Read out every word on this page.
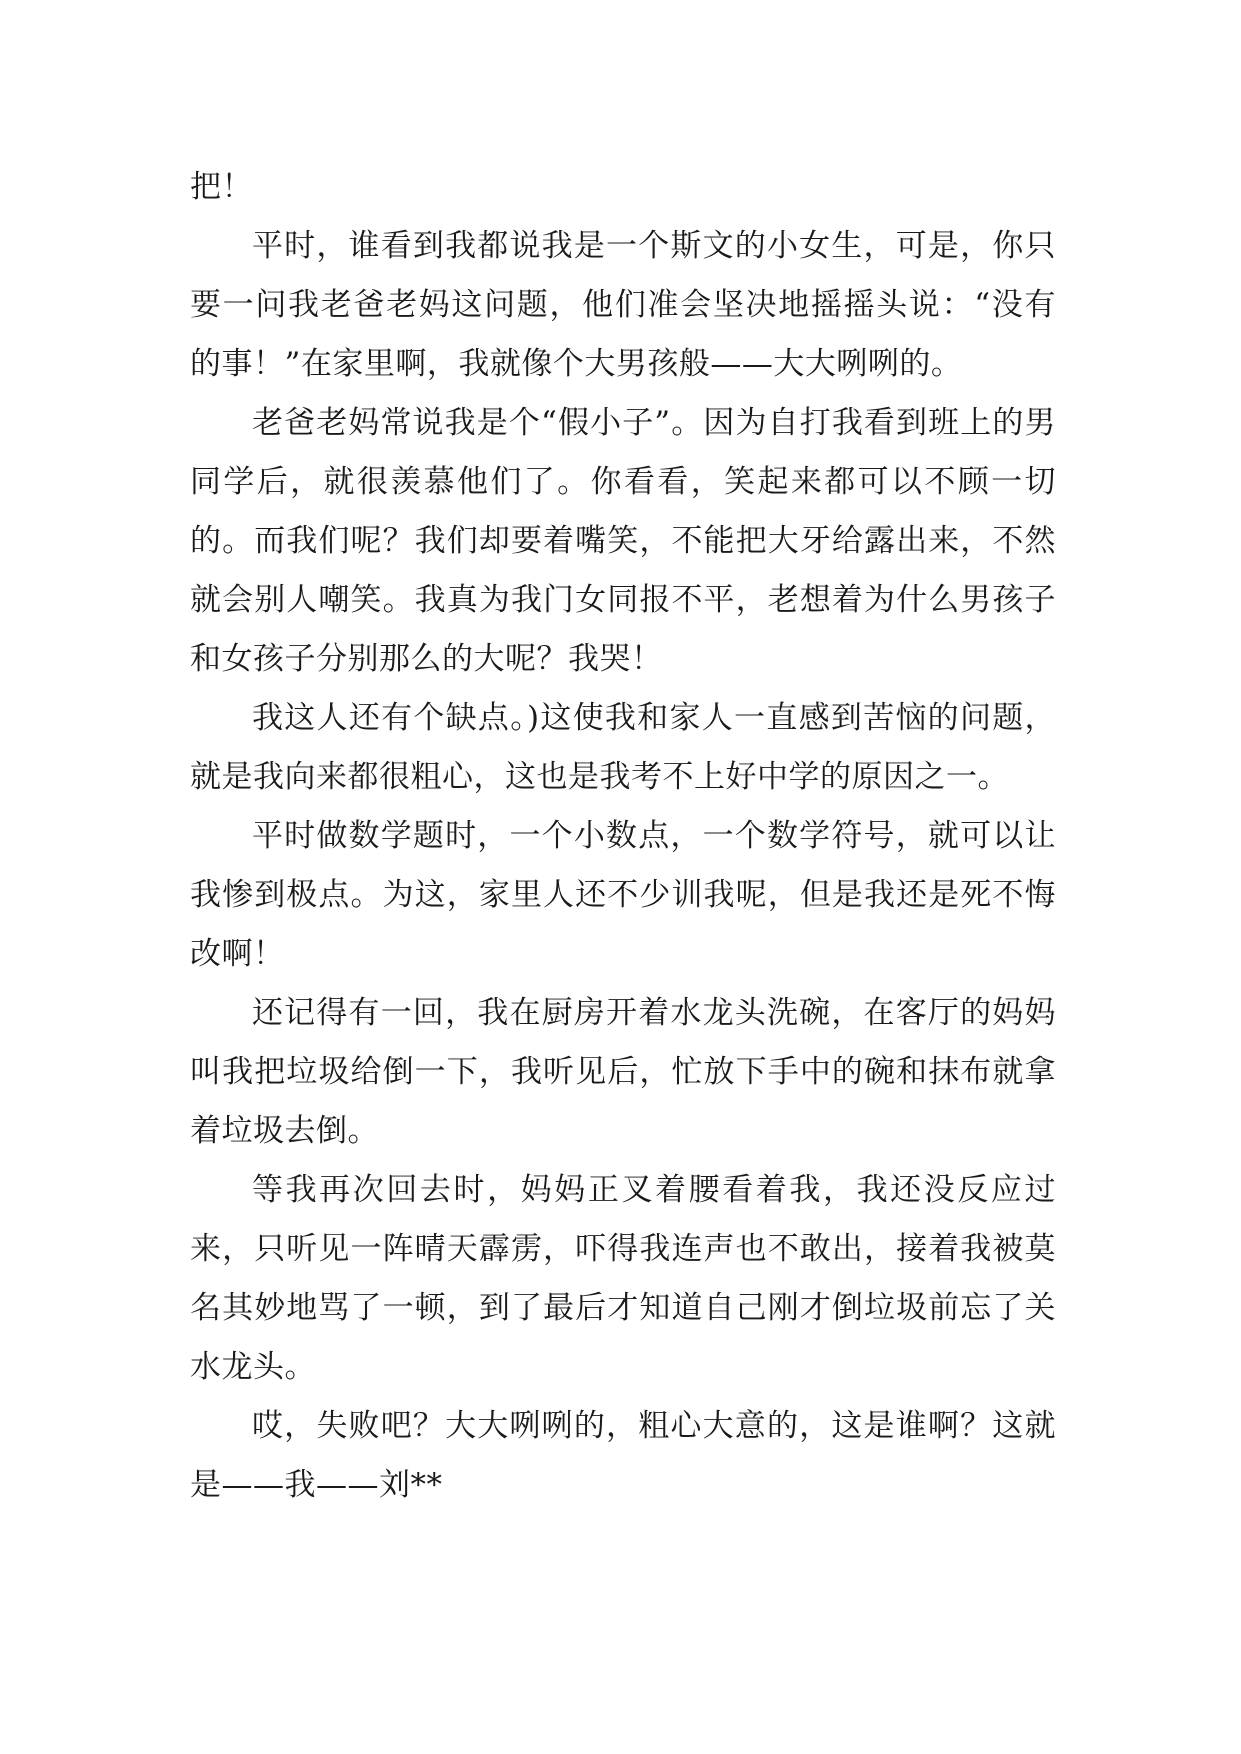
把！

平时，谁看到我都说我是一个斯文的小女生，可是，你只要一问我老爸老妈这问题，他们准会坚决地摇摇头说：“没有的事！”在家里啊，我就像个大男孩般——大大咧咧的。

老爸老妈常说我是个“假小子”。因为自打我看到班上的男同学后，就很羡慕他们了。你看看，笑起来都可以不顾一切的。而我们呢？我们却要着嘴笑，不能把大牙给露出来，不然就会别人嘲笑。我真为我门女同报不平，老想着为什么男孩子和女孩子分别那么的大呢？我哭！

我这人还有个缺点。)这使我和家人一直感到苦恼的问题，就是我向来都很粗心，这也是我考不上好中学的原因之一。

平时做数学题时，一个小数点，一个数学符号，就可以让我惨到极点。为这，家里人还不少训我呢，但是我还是死不悔改啊！

还记得有一回，我在厨房开着水龙头洗碗，在客厅的妈妈叫我把垃圾给倒一下，我听见后，忙放下手中的碗和抹布就拿着垃圾去倒。

等我再次回去时，妈妈正叉着腰看着我，我还没反应过来，只听见一阵晴天霹雳，吓得我连声也不敢出，接着我被莫名其妙地骂了一顿，到了最后才知道自己刚才倒垃圾前忘了关水龙头。

哎，失败吧？大大咧咧的，粗心大意的，这是谁啊？这就是——我——刘**
